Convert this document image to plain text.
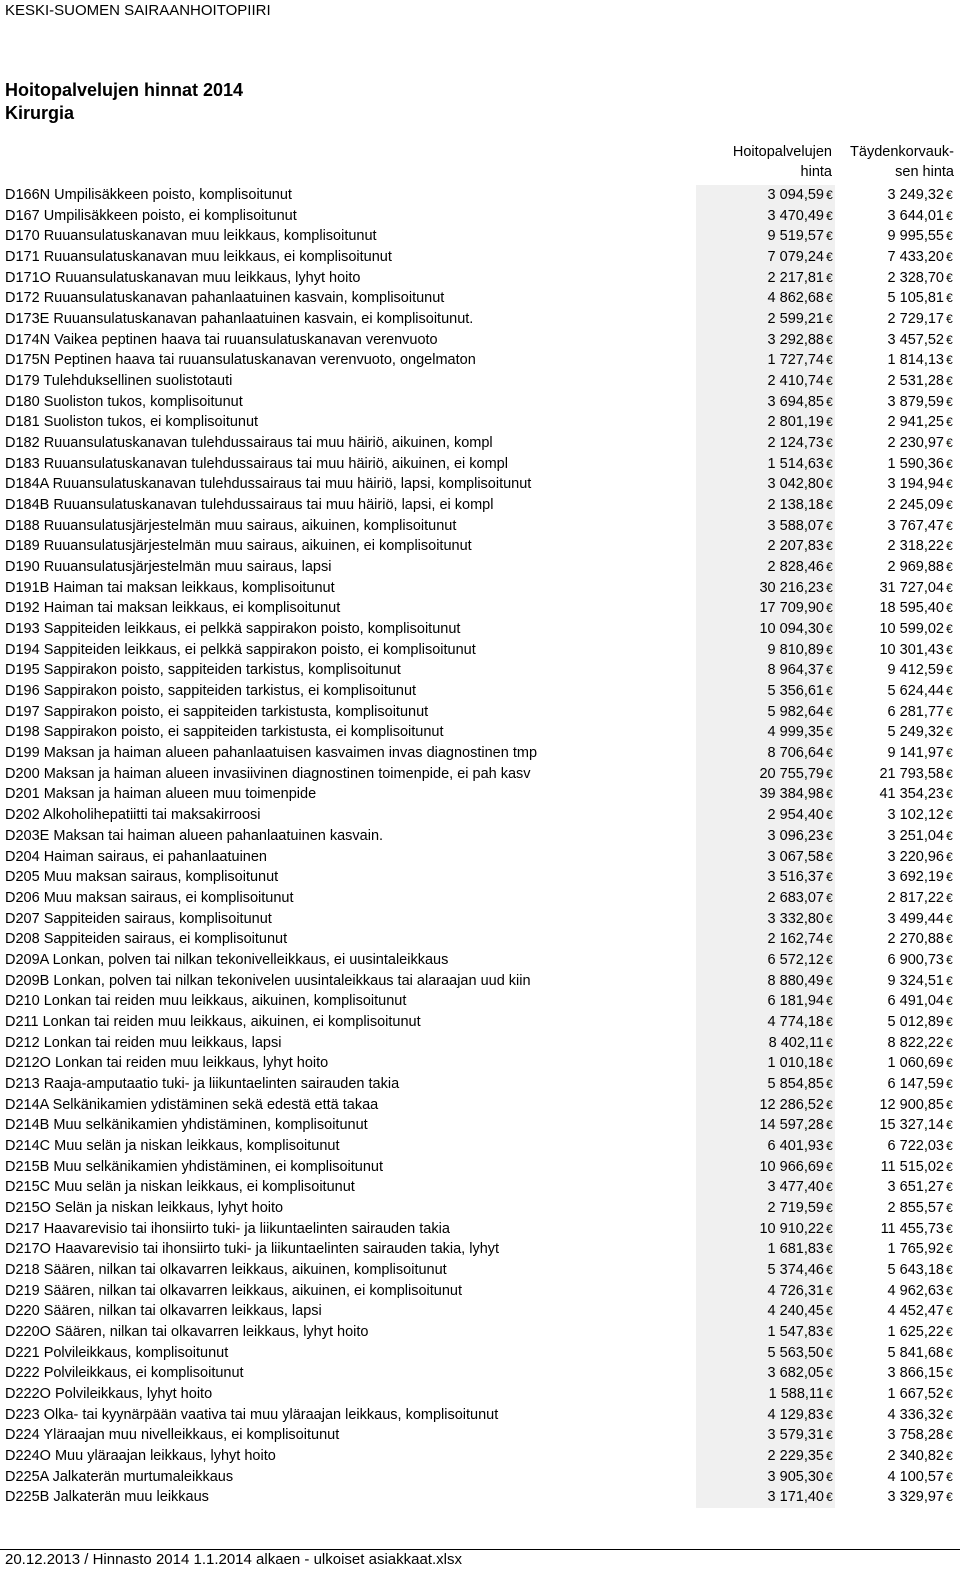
KESKI-SUOMEN SAIRAANHOITOPIIRI
Hoitopalvelujen hinnat 2014
Kirurgia
Hoitopalvelujen
hinta
Täydenkorvauk-
sen hinta
D166N Umpilisäkkeen poisto, komplisoitunut	3 094,59 €	3 249,32 €
D167 Umpilisäkkeen poisto, ei komplisoitunut	3 470,49 €	3 644,01 €
D170 Ruuansulatuskanavan muu leikkaus, komplisoitunut	9 519,57 €	9 995,55 €
D171 Ruuansulatuskanavan muu leikkaus, ei komplisoitunut	7 079,24 €	7 433,20 €
D171O Ruuansulatuskanavan muu leikkaus, lyhyt hoito	2 217,81 €	2 328,70 €
D172 Ruuansulatuskanavan pahanlaatuinen kasvain, komplisoitunut	4 862,68 €	5 105,81 €
D173E Ruuansulatuskanavan pahanlaatuinen kasvain, ei komplisoitunut.	2 599,21 €	2 729,17 €
D174N Vaikea peptinen haava tai ruuansulatuskanavan verenvuoto	3 292,88 €	3 457,52 €
D175N Peptinen haava tai ruuansulatuskanavan verenvuoto, ongelmaton	1 727,74 €	1 814,13 €
D179 Tulehduksellinen suolistotauti	2 410,74 €	2 531,28 €
D180 Suoliston tukos, komplisoitunut	3 694,85 €	3 879,59 €
D181 Suoliston tukos, ei komplisoitunut	2 801,19 €	2 941,25 €
D182 Ruuansulatuskanavan tulehdussairaus tai muu häiriö, aikuinen, kompl	2 124,73 €	2 230,97 €
D183 Ruuansulatuskanavan tulehdussairaus tai muu häiriö, aikuinen, ei kompl	1 514,63 €	1 590,36 €
D184A Ruuansulatuskanavan tulehdussairaus tai muu häiriö, lapsi, komplisoitunut	3 042,80 €	3 194,94 €
D184B Ruuansulatuskanavan tulehdussairaus tai muu häiriö, lapsi, ei kompl	2 138,18 €	2 245,09 €
D188 Ruuansulatusjärjestelmän muu sairaus, aikuinen, komplisoitunut	3 588,07 €	3 767,47 €
D189 Ruuansulatusjärjestelmän muu sairaus, aikuinen, ei komplisoitunut	2 207,83 €	2 318,22 €
D190 Ruuansulatusjärjestelmän muu sairaus, lapsi	2 828,46 €	2 969,88 €
D191B Haiman tai maksan leikkaus, komplisoitunut	30 216,23 €	31 727,04 €
D192 Haiman tai maksan leikkaus, ei komplisoitunut	17 709,90 €	18 595,40 €
D193 Sappiteiden leikkaus, ei pelkkä sappirakon poisto, komplisoitunut	10 094,30 €	10 599,02 €
D194 Sappiteiden leikkaus, ei pelkkä sappirakon poisto, ei komplisoitunut	9 810,89 €	10 301,43 €
D195 Sappirakon poisto, sappiteiden tarkistus, komplisoitunut	8 964,37 €	9 412,59 €
D196 Sappirakon poisto, sappiteiden tarkistus, ei komplisoitunut	5 356,61 €	5 624,44 €
D197 Sappirakon poisto, ei sappiteiden tarkistusta, komplisoitunut	5 982,64 €	6 281,77 €
D198 Sappirakon poisto, ei sappiteiden tarkistusta, ei komplisoitunut	4 999,35 €	5 249,32 €
D199 Maksan ja haiman alueen pahanlaatuisen kasvaimen invas diagnostinen tmp	8 706,64 €	9 141,97 €
D200 Maksan ja haiman alueen invasiivinen diagnostinen toimenpide, ei pah kasv	20 755,79 €	21 793,58 €
D201 Maksan ja haiman alueen muu toimenpide	39 384,98 €	41 354,23 €
D202 Alkoholihepatiitti tai maksakirroosi	2 954,40 €	3 102,12 €
D203E Maksan tai haiman alueen pahanlaatuinen kasvain.	3 096,23 €	3 251,04 €
D204 Haiman sairaus, ei pahanlaatuinen	3 067,58 €	3 220,96 €
D205 Muu maksan sairaus, komplisoitunut	3 516,37 €	3 692,19 €
D206 Muu maksan sairaus, ei komplisoitunut	2 683,07 €	2 817,22 €
D207 Sappiteiden sairaus, komplisoitunut	3 332,80 €	3 499,44 €
D208 Sappiteiden sairaus, ei komplisoitunut	2 162,74 €	2 270,88 €
D209A Lonkan, polven tai nilkan tekonivelleikkaus, ei uusintaleikkaus	6 572,12 €	6 900,73 €
D209B Lonkan, polven tai nilkan tekonivelen uusintaleikkaus tai alaraajan uud kiin	8 880,49 €	9 324,51 €
D210 Lonkan tai reiden muu leikkaus, aikuinen, komplisoitunut	6 181,94 €	6 491,04 €
D211 Lonkan tai reiden muu leikkaus, aikuinen, ei komplisoitunut	4 774,18 €	5 012,89 €
D212 Lonkan tai reiden muu leikkaus, lapsi	8 402,11 €	8 822,22 €
D212O Lonkan tai reiden muu leikkaus, lyhyt hoito	1 010,18 €	1 060,69 €
D213 Raaja-amputaatio tuki- ja liikuntaelinten sairauden takia	5 854,85 €	6 147,59 €
D214A Selkänikamien ydistäminen sekä edestä että takaa	12 286,52 €	12 900,85 €
D214B Muu selkänikamien yhdistäminen, komplisoitunut	14 597,28 €	15 327,14 €
D214C Muu selän ja niskan leikkaus, komplisoitunut	6 401,93 €	6 722,03 €
D215B Muu selkänikamien yhdistäminen, ei komplisoitunut	10 966,69 €	11 515,02 €
D215C Muu selän ja niskan leikkaus, ei komplisoitunut	3 477,40 €	3 651,27 €
D215O Selän ja niskan leikkaus, lyhyt hoito	2 719,59 €	2 855,57 €
D217 Haavarevisio tai ihonsiirto tuki- ja liikuntaelinten sairauden takia	10 910,22 €	11 455,73 €
D217O Haavarevisio tai ihonsiirto tuki- ja liikuntaelinten sairauden takia, lyhyt	1 681,83 €	1 765,92 €
D218 Säären, nilkan tai olkavarren leikkaus, aikuinen, komplisoitunut	5 374,46 €	5 643,18 €
D219 Säären, nilkan tai olkavarren leikkaus, aikuinen, ei komplisoitunut	4 726,31 €	4 962,63 €
D220 Säären, nilkan tai olkavarren leikkaus, lapsi	4 240,45 €	4 452,47 €
D220O Säären, nilkan tai olkavarren leikkaus, lyhyt hoito	1 547,83 €	1 625,22 €
D221 Polvileikkaus, komplisoitunut	5 563,50 €	5 841,68 €
D222 Polvileikkaus, ei komplisoitunut	3 682,05 €	3 866,15 €
D222O Polvileikkaus, lyhyt hoito	1 588,11 €	1 667,52 €
D223 Olka- tai kyynärpään vaativa tai muu yläraajan leikkaus, komplisoitunut	4 129,83 €	4 336,32 €
D224 Yläraajan muu nivelleikkaus, ei komplisoitunut	3 579,31 €	3 758,28 €
D224O Muu yläraajan leikkaus, lyhyt hoito	2 229,35 €	2 340,82 €
D225A Jalkaterän murtumaleikkaus	3 905,30 €	4 100,57 €
D225B Jalkaterän muu leikkaus	3 171,40 €	3 329,97 €
20.12.2013 / Hinnasto 2014 1.1.2014 alkaen - ulkoiset asiakkaat.xlsx
